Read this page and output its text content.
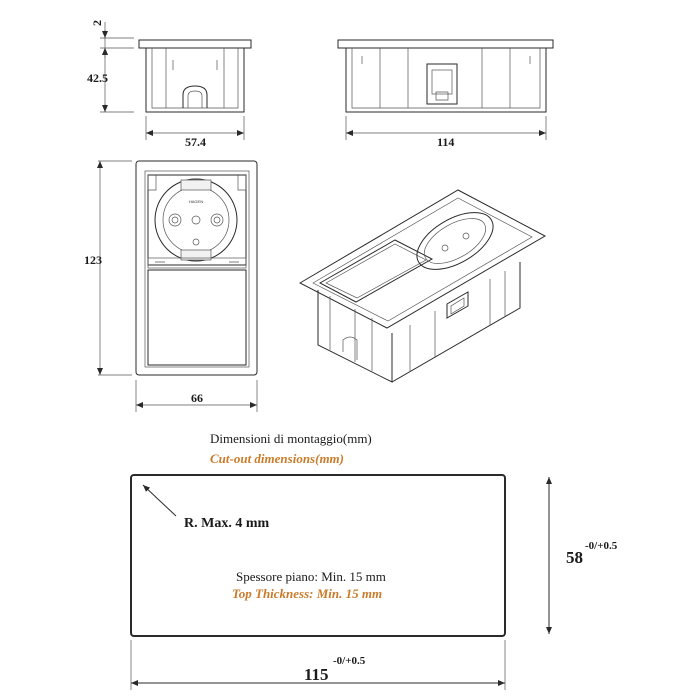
2
42.5
57.4	114
HAGEN
123
66
Dimensioni di montaggio(mm)
Cut-out dimensions(mm)
R. Max. 4 mm
Spessore piano: Min. 15 mm
Top Thickness: Min. 15 mm
58
-0/+0.5
115
-0/+0.5
